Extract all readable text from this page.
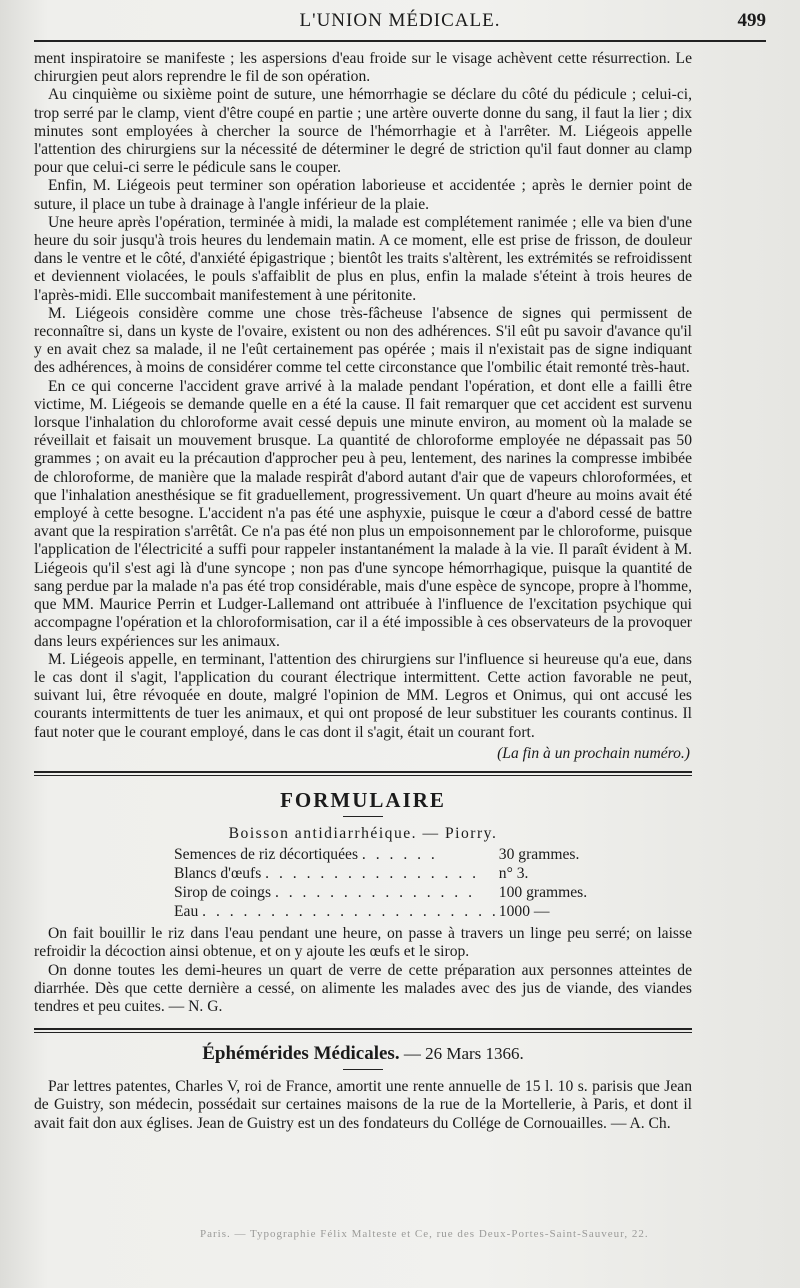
L'UNION MÉDICALE.	499

ment inspiratoire se manifeste ; les aspersions d'eau froide sur le visage achèvent cette résurrection. Le chirurgien peut alors reprendre le fil de son opération.

Au cinquième ou sixième point de suture, une hémorrhagie se déclare du côté du pédicule ; celui-ci, trop serré par le clamp, vient d'être coupé en partie ; une artère ouverte donne du sang, il faut la lier ; dix minutes sont employées à chercher la source de l'hémorrhagie et à l'arrêter. M. Liégeois appelle l'attention des chirurgiens sur la nécessité de déterminer le degré de striction qu'il faut donner au clamp pour que celui-ci serre le pédicule sans le couper.

Enfin, M. Liégeois peut terminer son opération laborieuse et accidentée ; après le dernier point de suture, il place un tube à drainage à l'angle inférieur de la plaie.

Une heure après l'opération, terminée à midi, la malade est complétement ranimée ; elle va bien d'une heure du soir jusqu'à trois heures du lendemain matin. A ce moment, elle est prise de frisson, de douleur dans le ventre et le côté, d'anxiété épigastrique ; bientôt les traits s'altèrent, les extrémités se refroidissent et deviennent violacées, le pouls s'affaiblit de plus en plus, enfin la malade s'éteint à trois heures de l'après-midi. Elle succombait manifestement à une péritonite.

M. Liégeois considère comme une chose très-fâcheuse l'absence de signes qui permissent de reconnaître si, dans un kyste de l'ovaire, existent ou non des adhérences. S'il eût pu savoir d'avance qu'il y en avait chez sa malade, il ne l'eût certainement pas opérée ; mais il n'existait pas de signe indiquant des adhérences, à moins de considérer comme tel cette circonstance que l'ombilic était remonté très-haut.

En ce qui concerne l'accident grave arrivé à la malade pendant l'opération, et dont elle a failli être victime, M. Liégeois se demande quelle en a été la cause. Il fait remarquer que cet accident est survenu lorsque l'inhalation du chloroforme avait cessé depuis une minute environ, au moment où la malade se réveillait et faisait un mouvement brusque. La quantité de chloroforme employée ne dépassait pas 50 grammes ; on avait eu la précaution d'approcher peu à peu, lentement, des narines la compresse imbibée de chloroforme, de manière que la malade respirât d'abord autant d'air que de vapeurs chloroformées, et que l'inhalation anesthésique se fit graduellement, progressivement. Un quart d'heure au moins avait été employé à cette besogne. L'accident n'a pas été une asphyxie, puisque le cœur a d'abord cessé de battre avant que la respiration s'arrêtât. Ce n'a pas été non plus un empoisonnement par le chloroforme, puisque l'application de l'électricité a suffi pour rappeler instantanément la malade à la vie. Il paraît évident à M. Liégeois qu'il s'est agi là d'une syncope ; non pas d'une syncope hémorrhagique, puisque la quantité de sang perdue par la malade n'a pas été trop considérable, mais d'une espèce de syncope, propre à l'homme, que MM. Maurice Perrin et Ludger-Lallemand ont attribuée à l'influence de l'excitation psychique qui accompagne l'opération et la chloroformisation, car il a été impossible à ces observateurs de la provoquer dans leurs expériences sur les animaux.

M. Liégeois appelle, en terminant, l'attention des chirurgiens sur l'influence si heureuse qu'a eue, dans le cas dont il s'agit, l'application du courant électrique intermittent. Cette action favorable ne peut, suivant lui, être révoquée en doute, malgré l'opinion de MM. Legros et Onimus, qui ont accusé les courants intermittents de tuer les animaux, et qui ont proposé de leur substituer les courants continus. Il faut noter que le courant employé, dans le cas dont il s'agit, était un courant fort.

(La fin à un prochain numéro.)
FORMULAIRE
Boisson antidiarrhéique. — Piorry.
Semences de riz décortiquées . . . . . .	30 grammes.
Blancs d'œufs . . . . . . . . . . . . . . . .	n° 3.
Sirop de coings . . . . . . . . . . . . . . .	100 grammes.
Eau . . . . . . . . . . . . . . . . . . . . . .	1000 —

On fait bouillir le riz dans l'eau pendant une heure, on passe à travers un linge peu serré; on laisse refroidir la décoction ainsi obtenue, et on y ajoute les œufs et le sirop.

On donne toutes les demi-heures un quart de verre de cette préparation aux personnes atteintes de diarrhée. Dès que cette dernière a cessé, on alimente les malades avec des jus de viande, des viandes tendres et peu cuites. — N. G.

Éphémérides Médicales. — 26 Mars 1366.

Par lettres patentes, Charles V, roi de France, amortit une rente annuelle de 15 l. 10 s. parisis que Jean de Guistry, son médecin, possédait sur certaines maisons de la rue de la Mortellerie, à Paris, et dont il avait fait don aux églises. Jean de Guistry est un des fondateurs du Collége de Cornouailles. — A. Ch.

Paris. — Typographie Félix Malteste et Ce, rue des Deux-Portes-Saint-Sauveur, 22.
